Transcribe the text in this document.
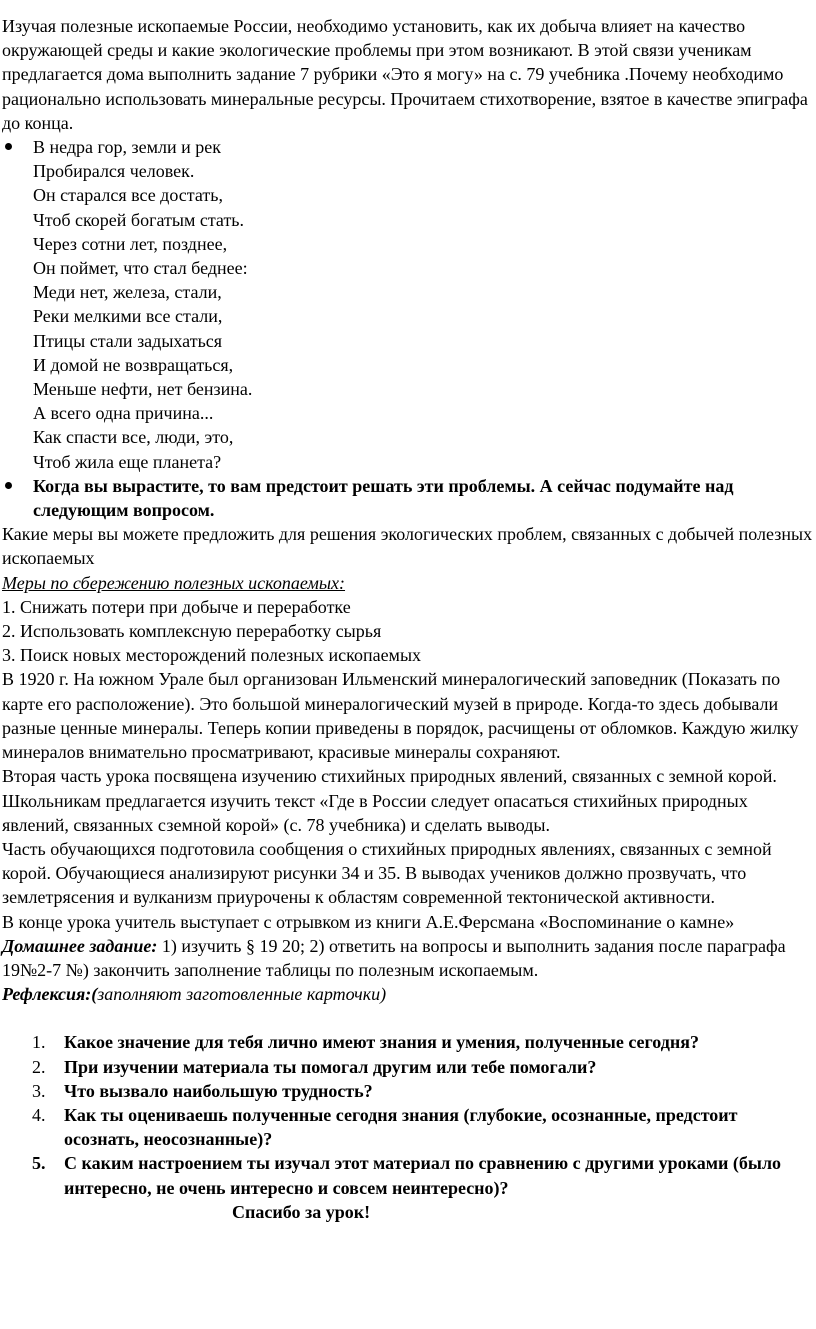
Изучая полезные ископаемые России, необходимо установить, как их добыча влияет на качество окружающей среды и какие экологические проблемы при этом возникают. В этой связи ученикам предлагается дома выполнить задание 7 рубрики «Это я могу» на с. 79 учебника .Почему необходимо рационально использовать минеральные ресурсы. Прочитаем стихотворение, взятое в качестве эпиграфа до конца.

В недра гор, земли и рек
Пробирался человек.
Он старался все достать,
Чтоб скорей богатым стать.
Через сотни лет, позднее,
Он поймет, что стал беднее:
Меди нет, железа, стали,
Реки мелкими все стали,
Птицы стали задыхаться
И домой не возвращаться,
Меньше нефти, нет бензина.
А всего одна причина...
Как спасти все, люди, это,
Чтоб жила еще планета?
Когда вы вырастите, то вам предстоит решать эти проблемы. А сейчас подумайте над следующим вопросом.

Какие меры вы можете предложить для решения экологических проблем, связанных с добычей полезных ископаемых

Меры по сбережению полезных ископаемых:

1. Снижать потери при добыче и переработке

2. Использовать комплексную переработку сырья

3. Поиск новых месторождений полезных ископаемых

В 1920 г. На южном Урале был организован Ильменский минералогический заповедник (Показать по карте его расположение). Это большой минералогический музей в природе. Когда-то здесь добывали разные ценные минералы. Теперь копии приведены в порядок, расчищены от обломков. Каждую жилку минералов внимательно просматривают, красивые минералы сохраняют.

Вторая часть урока посвящена изучению стихийных природных явлений, связанных с земной корой. Школьникам предлагается изучить текст «Где в России следует опасаться стихийных природных явлений, связанных сземной корой» (с. 78 учебника) и сделать выводы.

Часть обучающихся подготовила сообщения о стихийных природных явлениях, связанных с земной корой. Обучающиеся анализируют рисунки 34 и 35. В выводах учеников должно прозвучать, что землетрясения и вулканизм приурочены к областям современной тектонической активности.

В конце урока учитель выступает с отрывком из книги А.Е.Ферсмана «Воспоминание о камне»

Домашнее задание: 1) изучить § 19 20; 2) ответить на вопросы и выполнить задания после параграфа 19№2-7 №) закончить заполнение таблицы по полезным ископаемым.

Рефлексия:(заполняют заготовленные карточки)

1. Какое значение для тебя лично имеют знания и умения, полученные сегодня?
2. При изучении материала ты помогал другим или тебе помогали?
3. Что вызвало наибольшую трудность?
4. Как ты оцениваешь полученные сегодня знания (глубокие, осознанные, предстоит осознать, неосознанные)?
5. С каким настроением ты изучал этот материал по сравнению с другими уроками (было интересно, не очень интересно и совсем неинтересно)?

Спасибо за урок!
